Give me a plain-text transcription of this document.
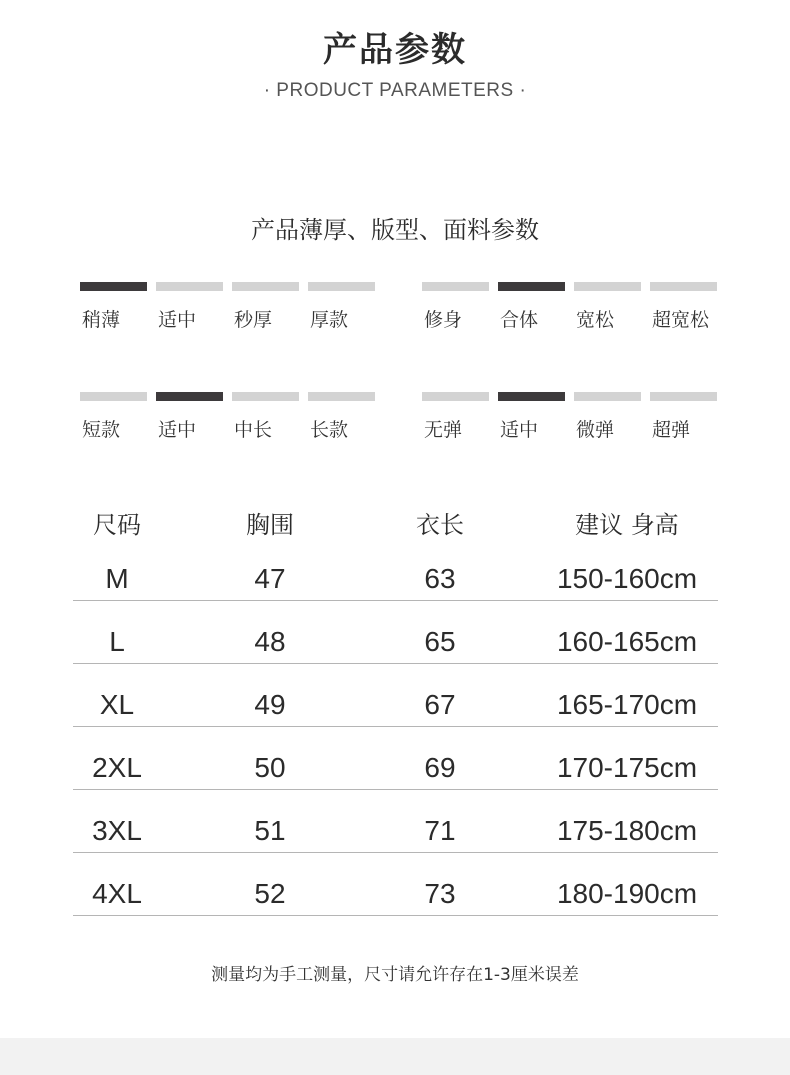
产品参数
· PRODUCT PARAMETERS ·
产品薄厚、版型、面料参数
稍薄 适中 秒厚 厚款	修身 合体 宽松 超宽松
短款 适中 中长 长款	无弹 适中 微弹 超弹
尺码	胸围	衣长	建议 身高
M	47	63	150-160cm
L	48	65	160-165cm
XL	49	67	165-170cm
2XL	50	69	170-175cm
3XL	51	71	175-180cm
4XL	52	73	180-190cm
测量均为手工测量，尺寸请允许存在1-3厘米误差
